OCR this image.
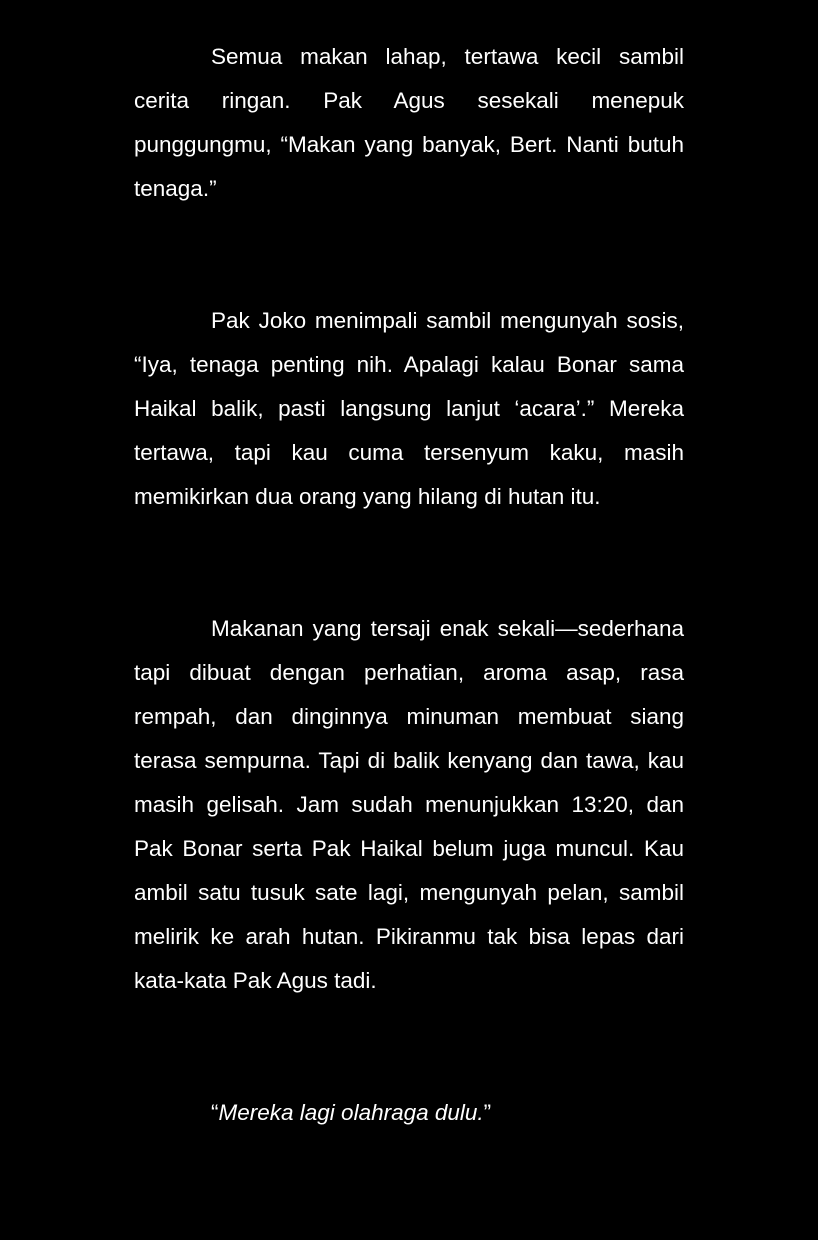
Semua makan lahap, tertawa kecil sambil cerita ringan. Pak Agus sesekali menepuk punggungmu, “Makan yang banyak, Bert. Nanti butuh tenaga.”

Pak Joko menimpali sambil mengunyah sosis, “Iya, tenaga penting nih. Apalagi kalau Bonar sama Haikal balik, pasti langsung lanjut ‘acara’.” Mereka tertawa, tapi kau cuma tersenyum kaku, masih memikirkan dua orang yang hilang di hutan itu.

Makanan yang tersaji enak sekali—sederhana tapi dibuat dengan perhatian, aroma asap, rasa rempah, dan dinginnya minuman membuat siang terasa sempurna. Tapi di balik kenyang dan tawa, kau masih gelisah. Jam sudah menunjukkan 13:20, dan Pak Bonar serta Pak Haikal belum juga muncul. Kau ambil satu tusuk sate lagi, mengunyah pelan, sambil melirik ke arah hutan. Pikiranmu tak bisa lepas dari kata-kata Pak Agus tadi.

“Mereka lagi olahraga dulu.”
